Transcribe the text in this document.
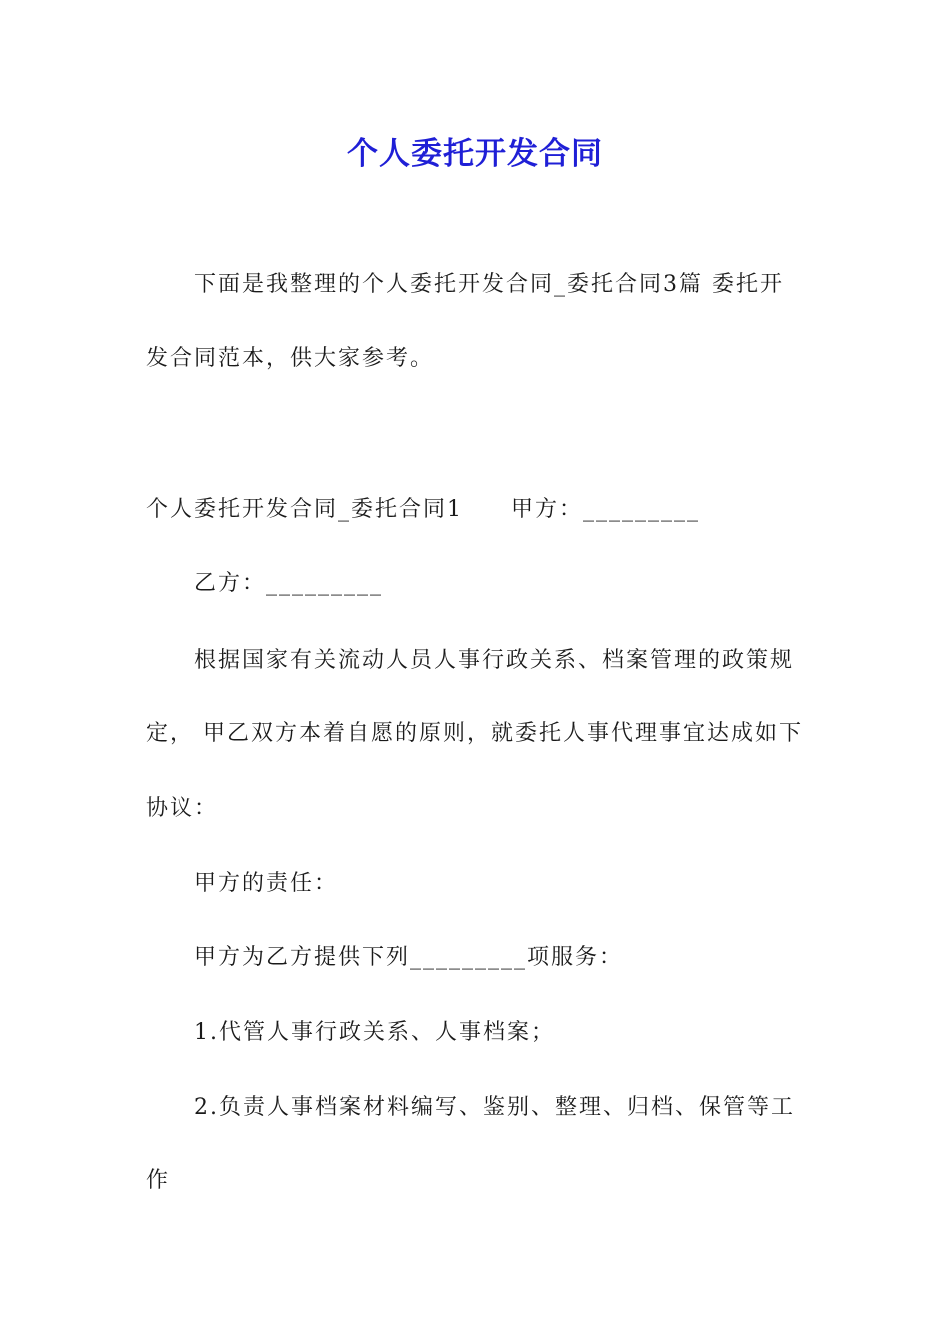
个人委托开发合同
下面是我整理的个人委托开发合同_委托合同3篇 委托开
发合同范本，供大家参考。
个人委托开发合同_委托合同1 甲方：_________
乙方：_________
根据国家有关流动人员人事行政关系、档案管理的政策规
定， 甲乙双方本着自愿的原则，就委托人事代理事宜达成如下
协议：
甲方的责任：
甲方为乙方提供下列_________项服务：
1.代管人事行政关系、人事档案；
2.负责人事档案材料编写、鉴别、整理、归档、保管等工
作
